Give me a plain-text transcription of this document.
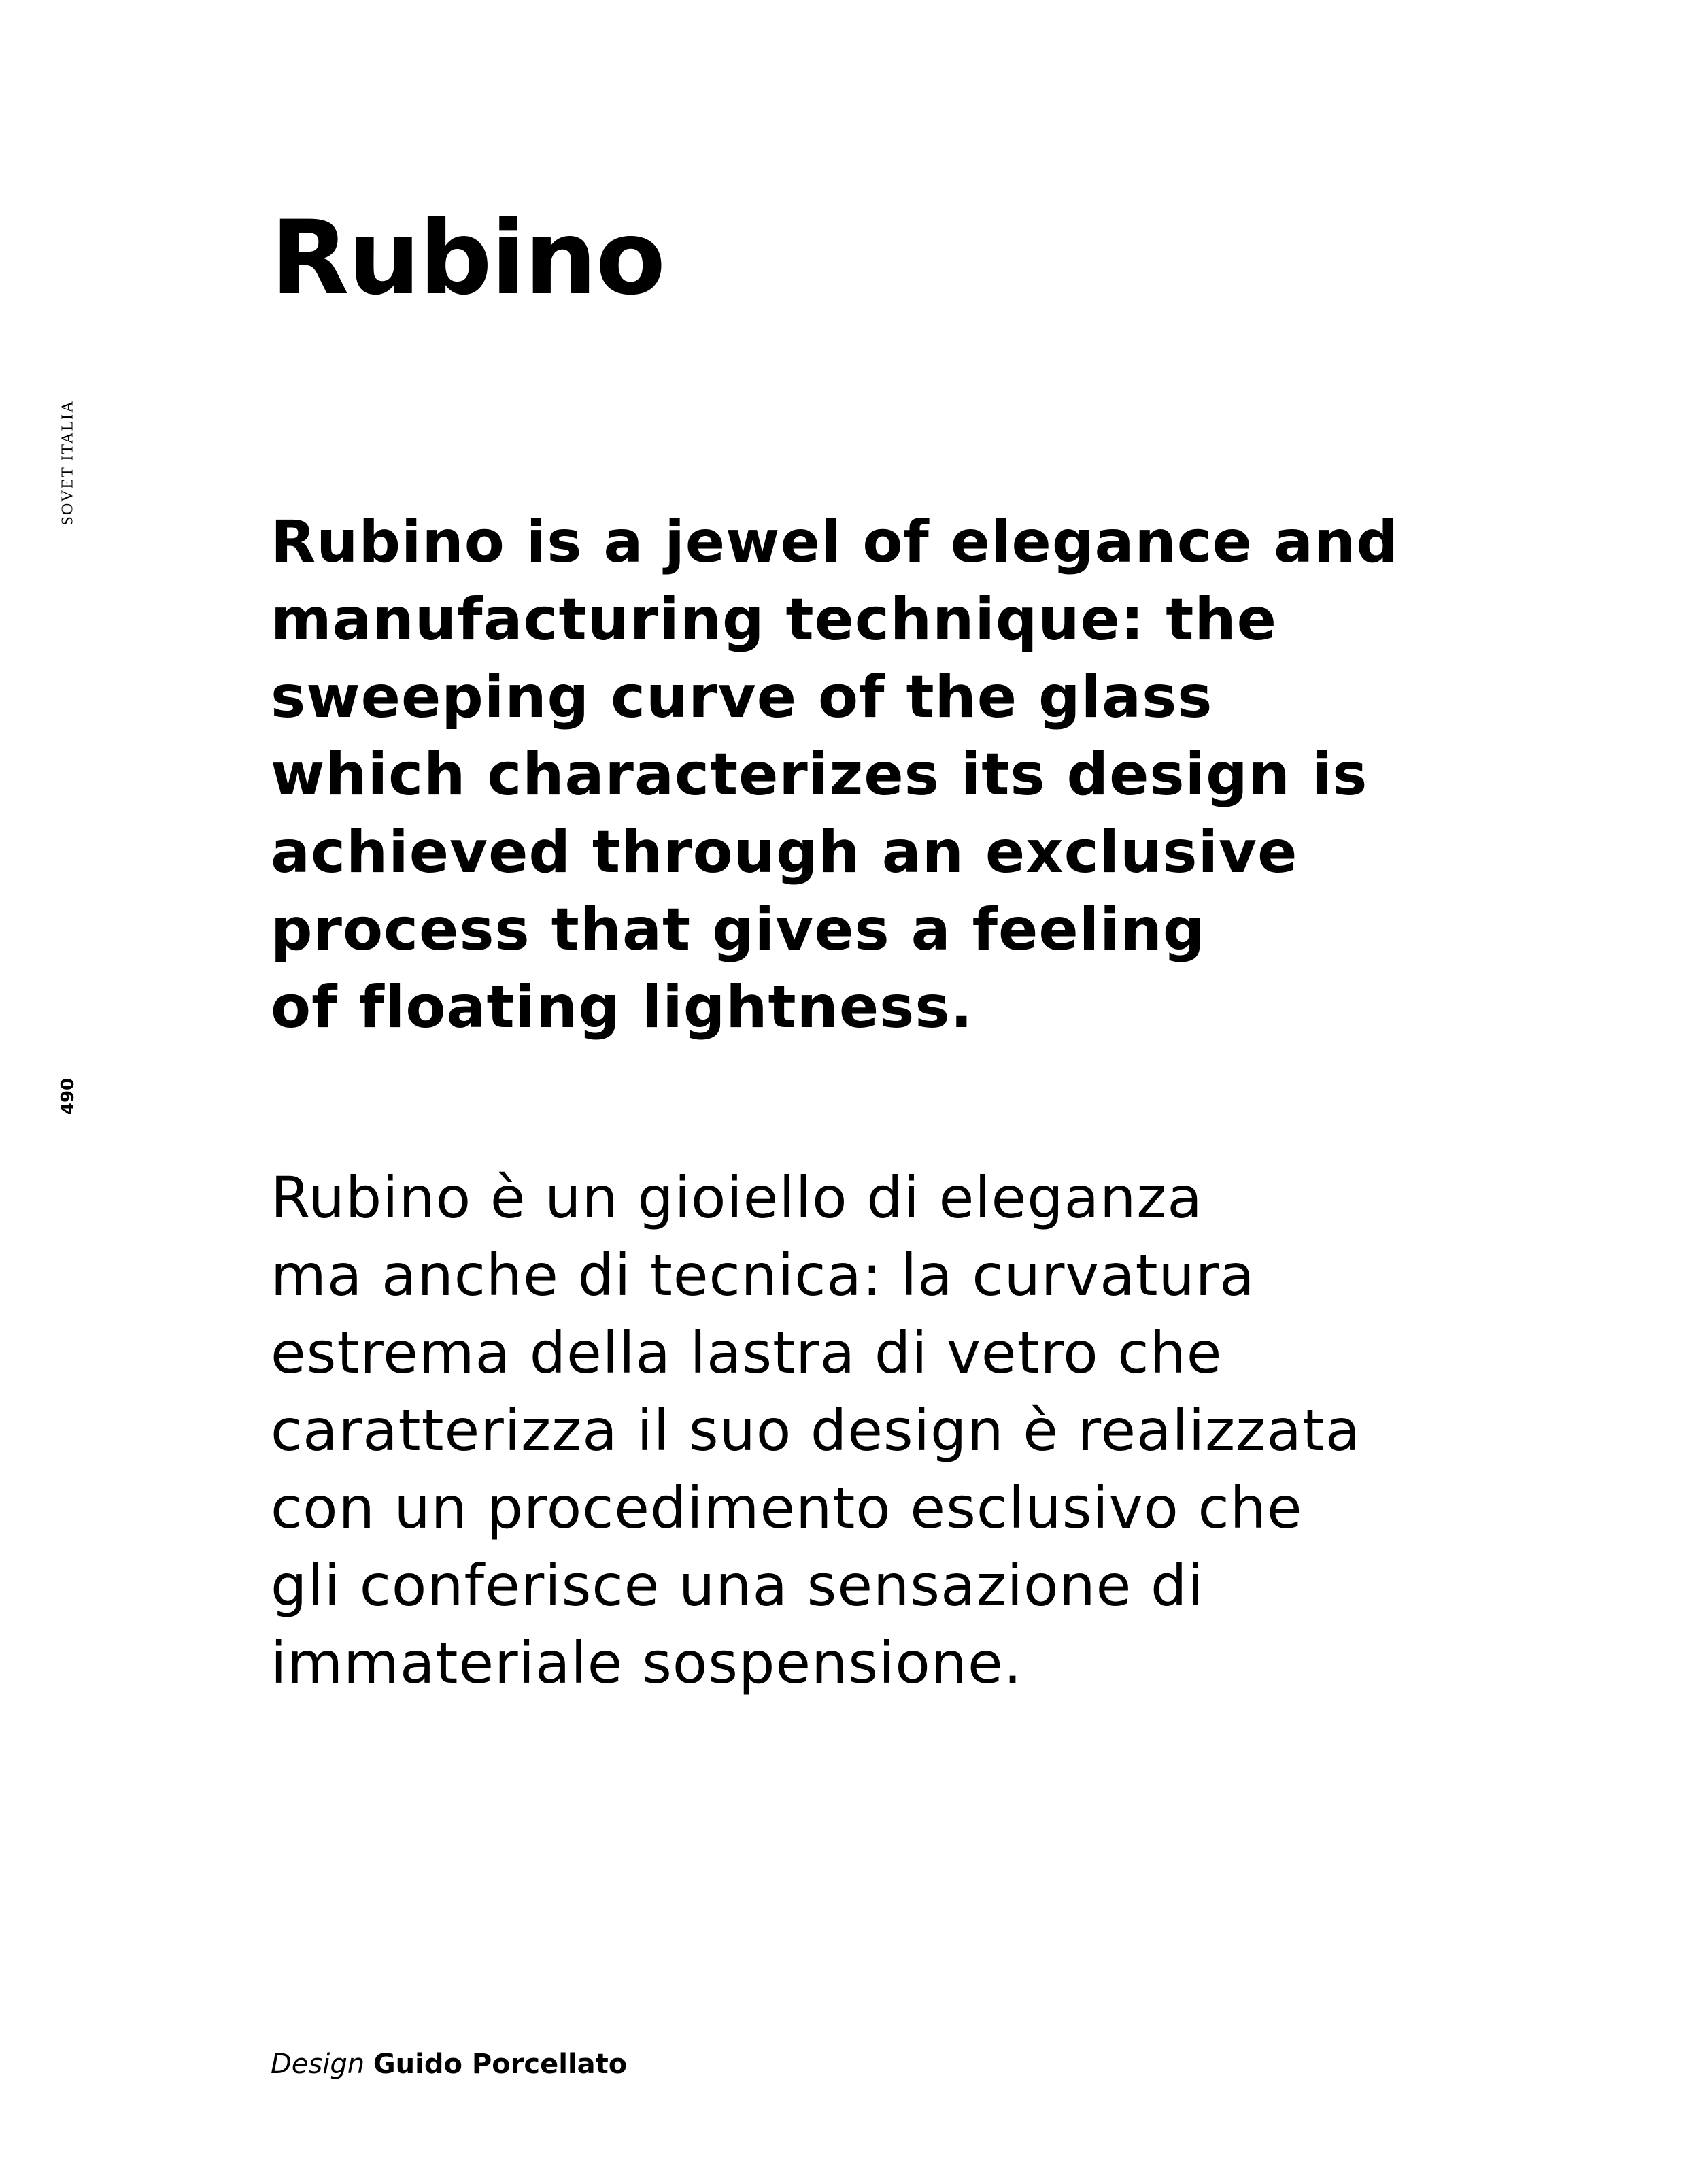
SOVET ITALIA
490
Rubino

Rubino is a jewel of elegance and
manufacturing technique: the
sweeping curve of the glass
which characterizes its design is
achieved through an exclusive
process that gives a feeling
of floating lightness.

Rubino è un gioiello di eleganza
ma anche di tecnica: la curvatura
estrema della lastra di vetro che
caratterizza il suo design è realizzata
con un procedimento esclusivo che
gli conferisce una sensazione di
immateriale sospensione.

Design Guido Porcellato
